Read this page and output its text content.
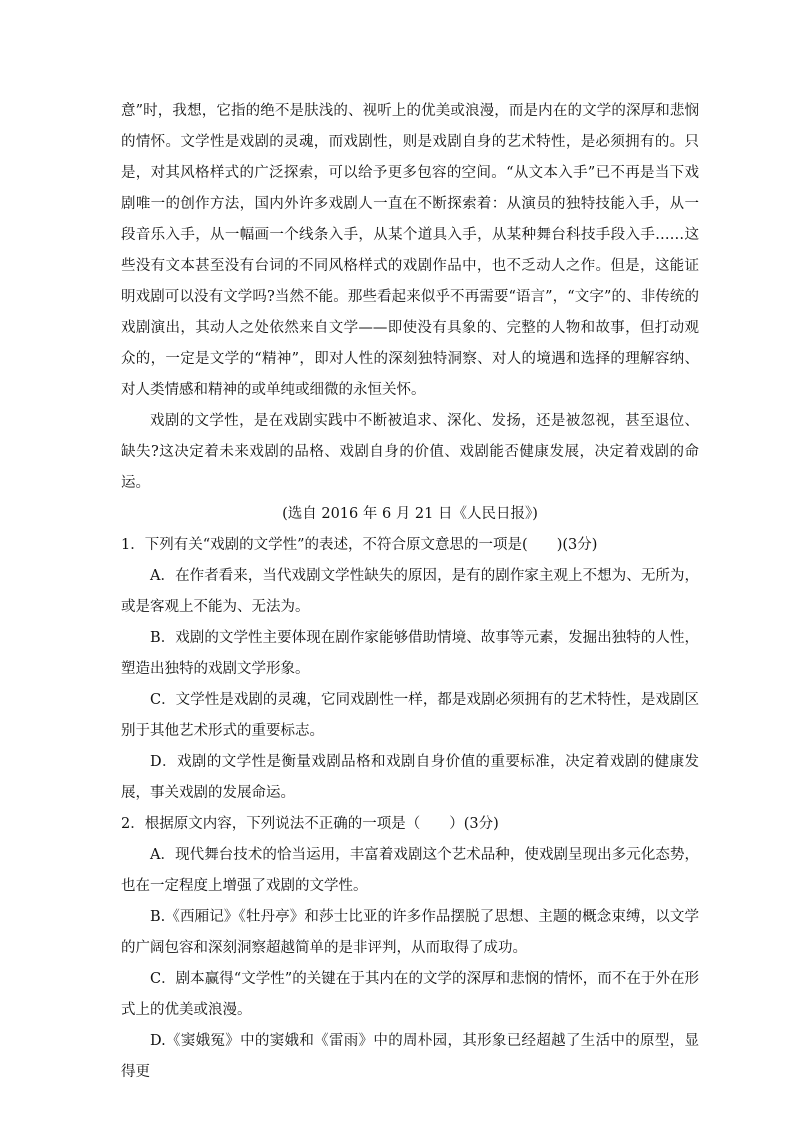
意”时，我想，它指的绝不是肤浅的、视听上的优美或浪漫，而是内在的文学的深厚和悲悯的情怀。文学性是戏剧的灵魂，而戏剧性，则是戏剧自身的艺术特性，是必须拥有的。只是，对其风格样式的广泛探索，可以给予更多包容的空间。“从文本入手”已不再是当下戏剧唯一的创作方法，国内外许多戏剧人一直在不断探索着：从演员的独特技能入手，从一段音乐入手，从一幅画一个线条入手，从某个道具入手，从某种舞台科技手段入手……这些没有文本甚至没有台词的不同风格样式的戏剧作品中，也不乏动人之作。但是，这能证明戏剧可以没有文学吗?当然不能。那些看起来似乎不再需要“语言”，“文字”的、非传统的戏剧演出，其动人之处依然来自文学——即使没有具象的、完整的人物和故事，但打动观众的，一定是文学的“精神”，即对人性的深刻独特洞察、对人的境遇和选择的理解容纳、对人类情感和精神的或单纯或细微的永恒关怀。

戏剧的文学性，是在戏剧实践中不断被追求、深化、发扬，还是被忽视，甚至退位、缺失?这决定着未来戏剧的品格、戏剧自身的价值、戏剧能否健康发展，决定着戏剧的命运。

(选自 2016 年 6 月 21 日《人民日报》)

1．下列有关“戏剧的文学性”的表述，不符合原文意思的一项是(　　)(3分)

A．在作者看来，当代戏剧文学性缺失的原因，是有的剧作家主观上不想为、无所为，或是客观上不能为、无法为。

B．戏剧的文学性主要体现在剧作家能够借助情境、故事等元素，发掘出独特的人性，塑造出独特的戏剧文学形象。

C．文学性是戏剧的灵魂，它同戏剧性一样，都是戏剧必须拥有的艺术特性，是戏剧区别于其他艺术形式的重要标志。

D．戏剧的文学性是衡量戏剧品格和戏剧自身价值的重要标准，决定着戏剧的健康发展，事关戏剧的发展命运。

2．根据原文内容，下列说法不正确的一项是（　　）(3分)

A．现代舞台技术的恰当运用，丰富着戏剧这个艺术品种，使戏剧呈现出多元化态势，也在一定程度上增强了戏剧的文学性。

B.《西厢记》《牡丹亭》和莎士比亚的许多作品摆脱了思想、主题的概念束缚，以文学的广阔包容和深刻洞察超越简单的是非评判，从而取得了成功。

C．剧本赢得“文学性”的关键在于其内在的文学的深厚和悲悯的情怀，而不在于外在形式上的优美或浪漫。

D.《窦娥冤》中的窦娥和《雷雨》中的周朴园，其形象已经超越了生活中的原型，显得更
